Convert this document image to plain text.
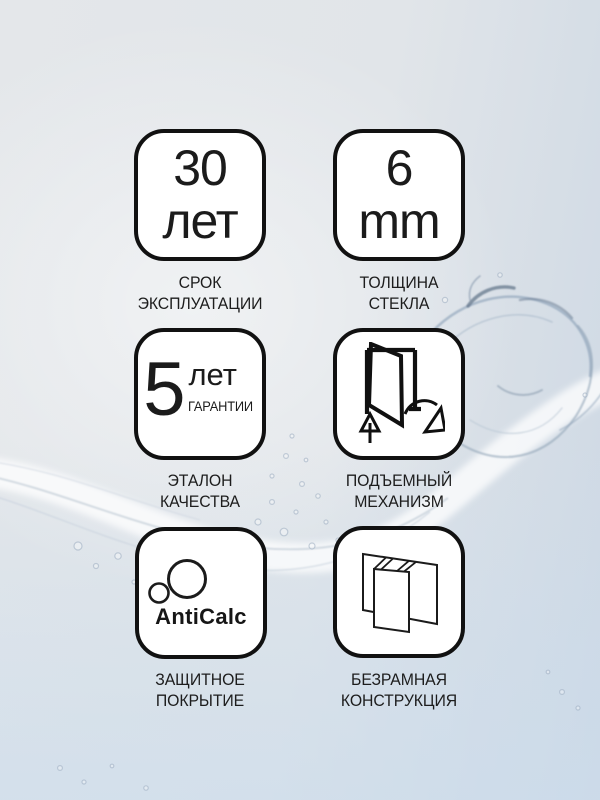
30
лет
СРОК
ЭКСПЛУАТАЦИИ
6
mm
ТОЛЩИНА
СТЕКЛА
5 лет
ГАРАНТИИ
ЭТАЛОН
КАЧЕСТВА
ПОДЪЕМНЫЙ
МЕХАНИЗМ
AntiCalc
ЗАЩИТНОЕ
ПОКРЫТИЕ
БЕЗРАМНАЯ
КОНСТРУКЦИЯ
